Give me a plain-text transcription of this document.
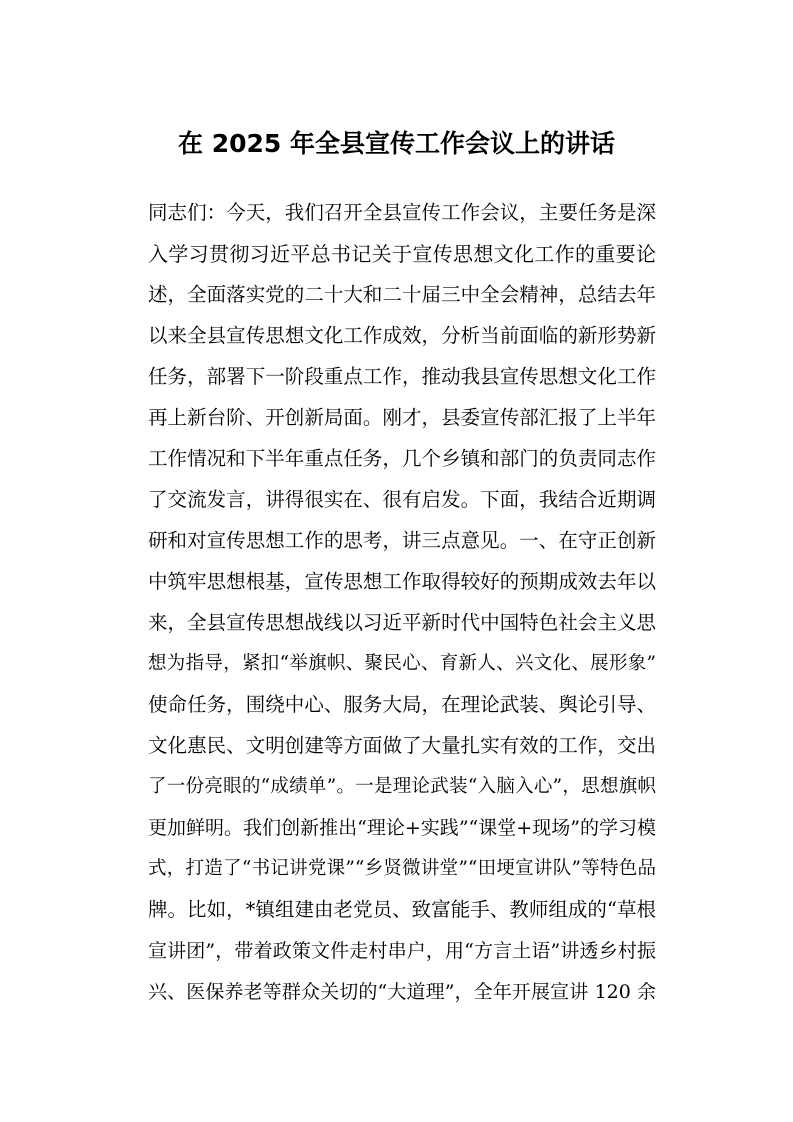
在 2025 年全县宣传工作会议上的讲话
同志们：今天，我们召开全县宣传工作会议，主要任务是深
入学习贯彻习近平总书记关于宣传思想文化工作的重要论
述，全面落实党的二十大和二十届三中全会精神，总结去年
以来全县宣传思想文化工作成效，分析当前面临的新形势新
任务，部署下一阶段重点工作，推动我县宣传思想文化工作
再上新台阶、开创新局面。刚才，县委宣传部汇报了上半年
工作情况和下半年重点任务，几个乡镇和部门的负责同志作
了交流发言，讲得很实在、很有启发。下面，我结合近期调
研和对宣传思想工作的思考，讲三点意见。一、在守正创新
中筑牢思想根基，宣传思想工作取得较好的预期成效去年以
来，全县宣传思想战线以习近平新时代中国特色社会主义思
想为指导，紧扣“举旗帜、聚民心、育新人、兴文化、展形象”
使命任务，围绕中心、服务大局，在理论武装、舆论引导、
文化惠民、文明创建等方面做了大量扎实有效的工作，交出
了一份亮眼的“成绩单”。一是理论武装“入脑入心”，思想旗帜
更加鲜明。我们创新推出“理论+实践”“课堂+现场”的学习模
式，打造了“书记讲党课”“乡贤微讲堂”“田埂宣讲队”等特色品
牌。比如，*镇组建由老党员、致富能手、教师组成的“草根
宣讲团”，带着政策文件走村串户，用“方言土语”讲透乡村振
兴、医保养老等群众关切的“大道理”，全年开展宣讲 120 余
